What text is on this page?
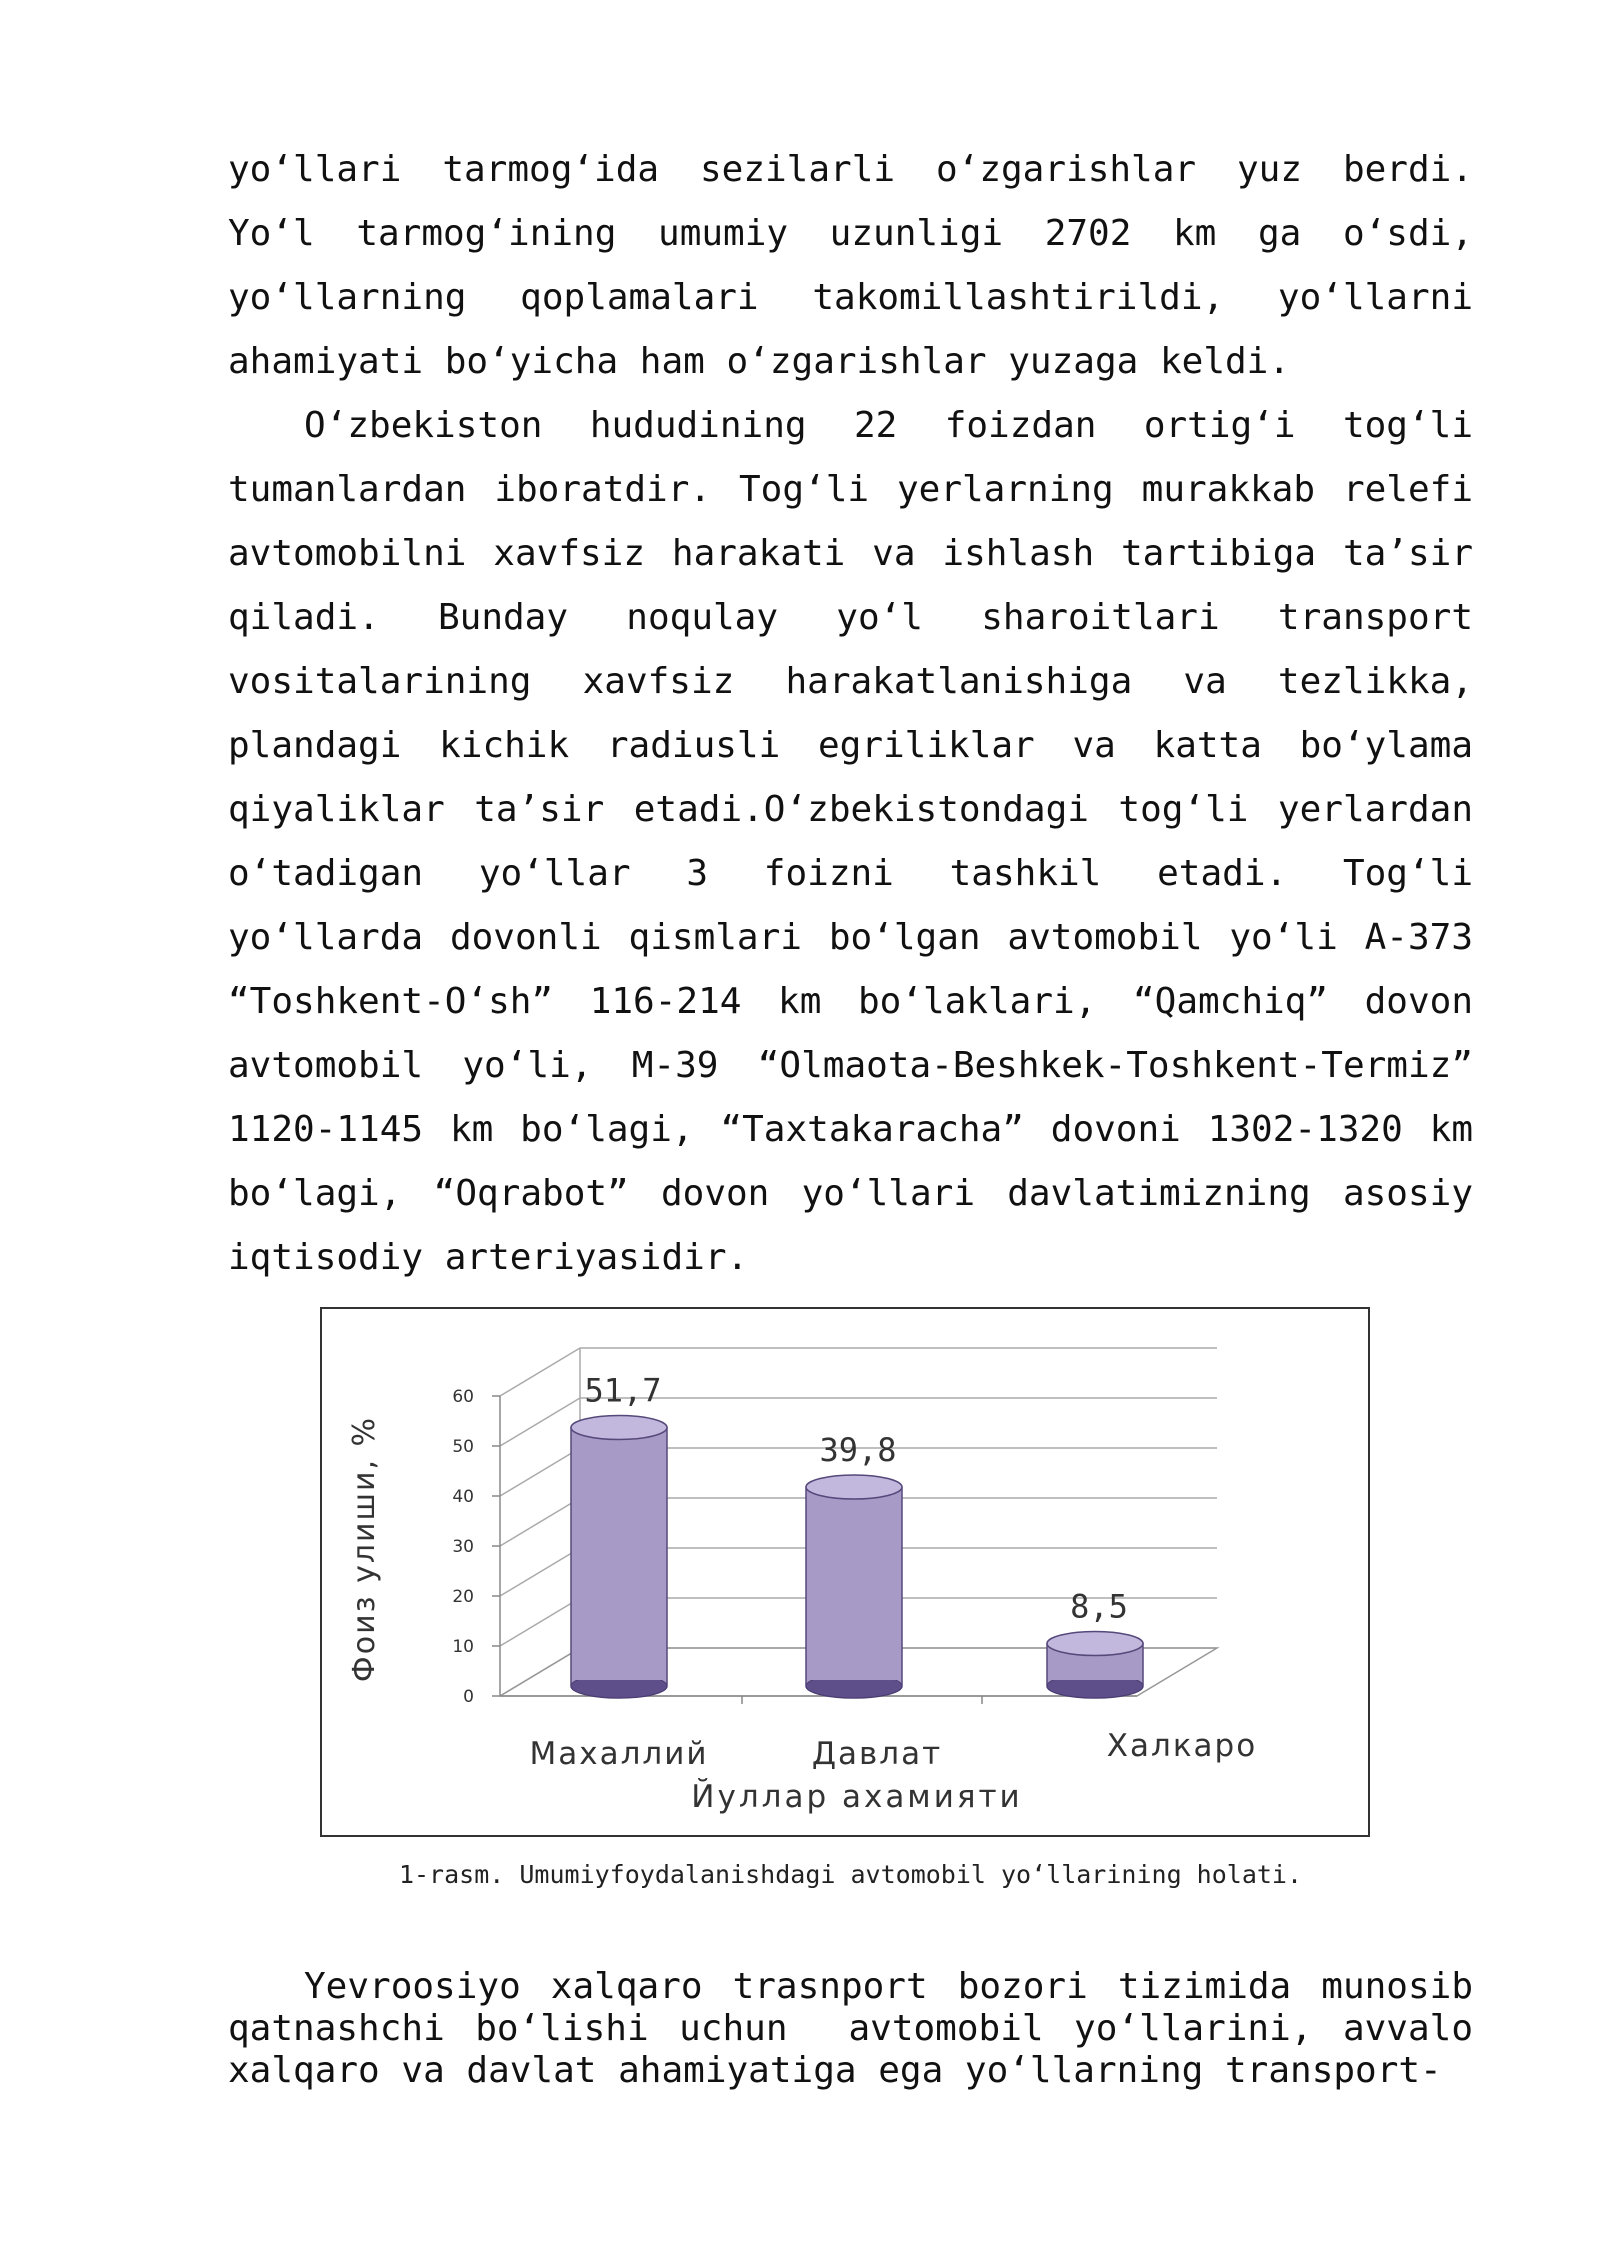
yo‘llari tarmog‘ida sezilarli o‘zgarishlar yuz berdi.
Yo‘l tarmog‘ining umumiy uzunligi 2702 km ga o‘sdi,
yo‘llarning qoplamalari takomillashtirildi, yo‘llarni
ahamiyati bo‘yicha ham o‘zgarishlar yuzaga keldi.
O‘zbekiston hududining 22 foizdan ortig‘i tog‘li
tumanlardan iboratdir. Tog‘li yerlarning murakkab relefi
avtomobilni xavfsiz harakati va ishlash tartibiga ta’sir
qiladi. Bunday noqulay yo‘l sharoitlari transport
vositalarining xavfsiz harakatlanishiga va tezlikka,
plandagi kichik radiusli egriliklar va katta bo‘ylama
qiyaliklar ta’sir etadi.O‘zbekistondagi tog‘li yerlardan
o‘tadigan yo‘llar 3 foizni tashkil etadi. Tog‘li
yo‘llarda dovonli qismlari bo‘lgan avtomobil yo‘li A-373
“Toshkent-O‘sh” 116-214 km bo‘laklari, “Qamchiq” dovon
avtomobil yo‘li, M-39 “Olmaota-Beshkek-Toshkent-Termiz”
1120-1145 km bo‘lagi, “Taxtakaracha” dovoni 1302-1320 km
bo‘lagi, “Oqrabot” dovon yo‘llari davlatimizning asosiy
iqtisodiy arteriyasidir.
0
10
20
30
40
50
60	51,7
39,8
8,5
Махаллий	Давлат	Халкаро
Йуллар ахамияти
Фоиз улиши, %
1-rasm. Umumiyfoydalanishdagi avtomobil yo‘llarining holati.
Yevroosiyo xalqaro trasnport bozori tizimida munosib
qatnashchi bo‘lishi uchun  avtomobil yo‘llarini, avvalo
xalqaro va davlat ahamiyatiga ega yo‘llarning transport-
